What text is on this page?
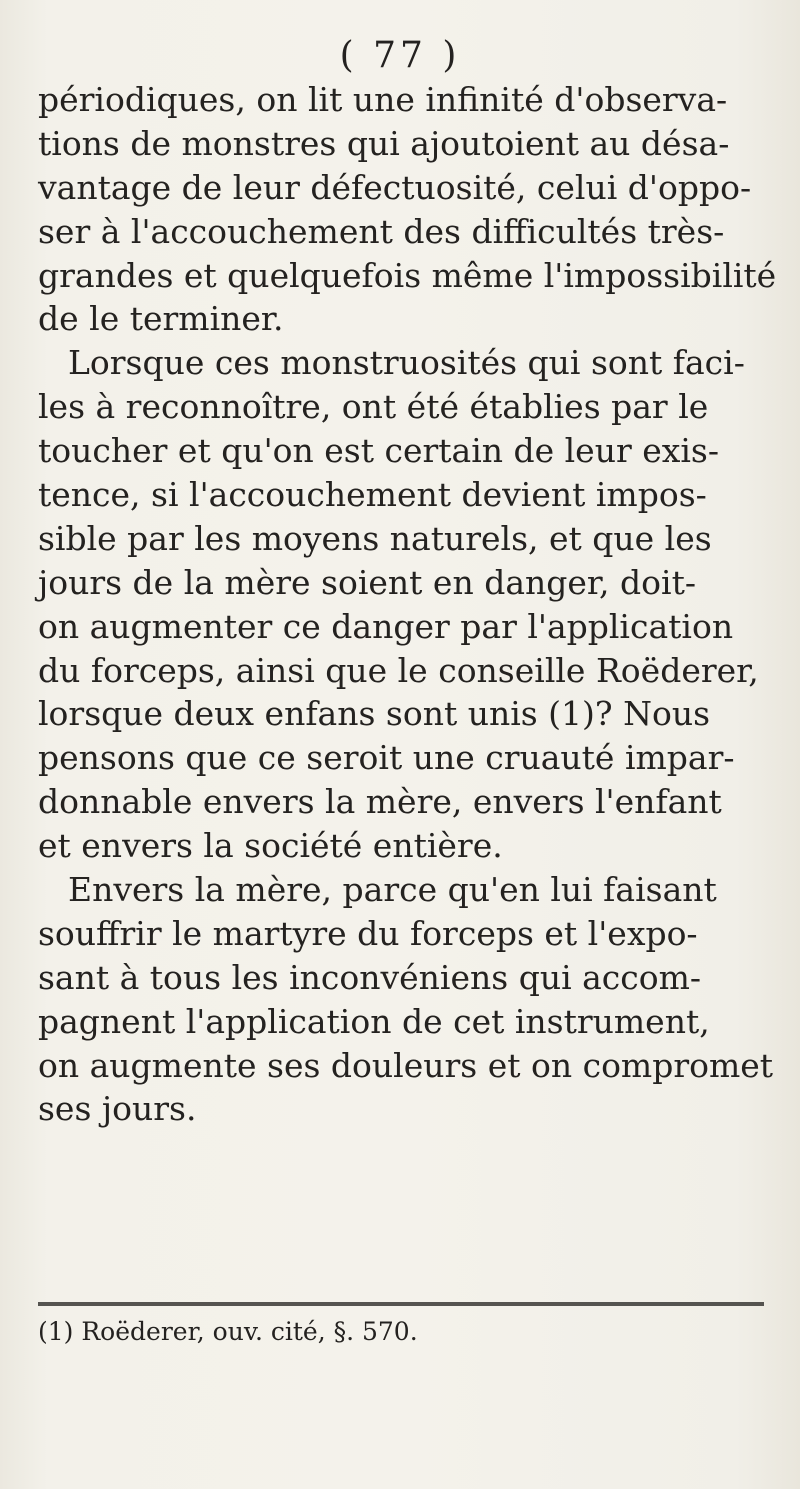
( 77 )
périodiques, on lit une infinité d'observa-
tions de monstres qui ajoutoient au désa-
vantage de leur défectuosité, celui d'oppo-
ser à l'accouchement des difficultés très-
grandes et quelquefois même l'impossibilité
de le terminer.
Lorsque ces monstruosités qui sont faci-
les à reconnoître, ont été établies par le
toucher et qu'on est certain de leur exis-
tence, si l'accouchement devient impos-
sible par les moyens naturels, et que les
jours de la mère soient en danger, doit-
on augmenter ce danger par l'application
du forceps, ainsi que le conseille Roëderer,
lorsque deux enfans sont unis (1)? Nous
pensons que ce seroit une cruauté impar-
donnable envers la mère, envers l'enfant
et envers la société entière.
Envers la mère, parce qu'en lui faisant
souffrir le martyre du forceps et l'expo-
sant à tous les inconvéniens qui accom-
pagnent l'application de cet instrument,
on augmente ses douleurs et on compromet
ses jours.
(1) Roëderer, ouv. cité, §. 570.
